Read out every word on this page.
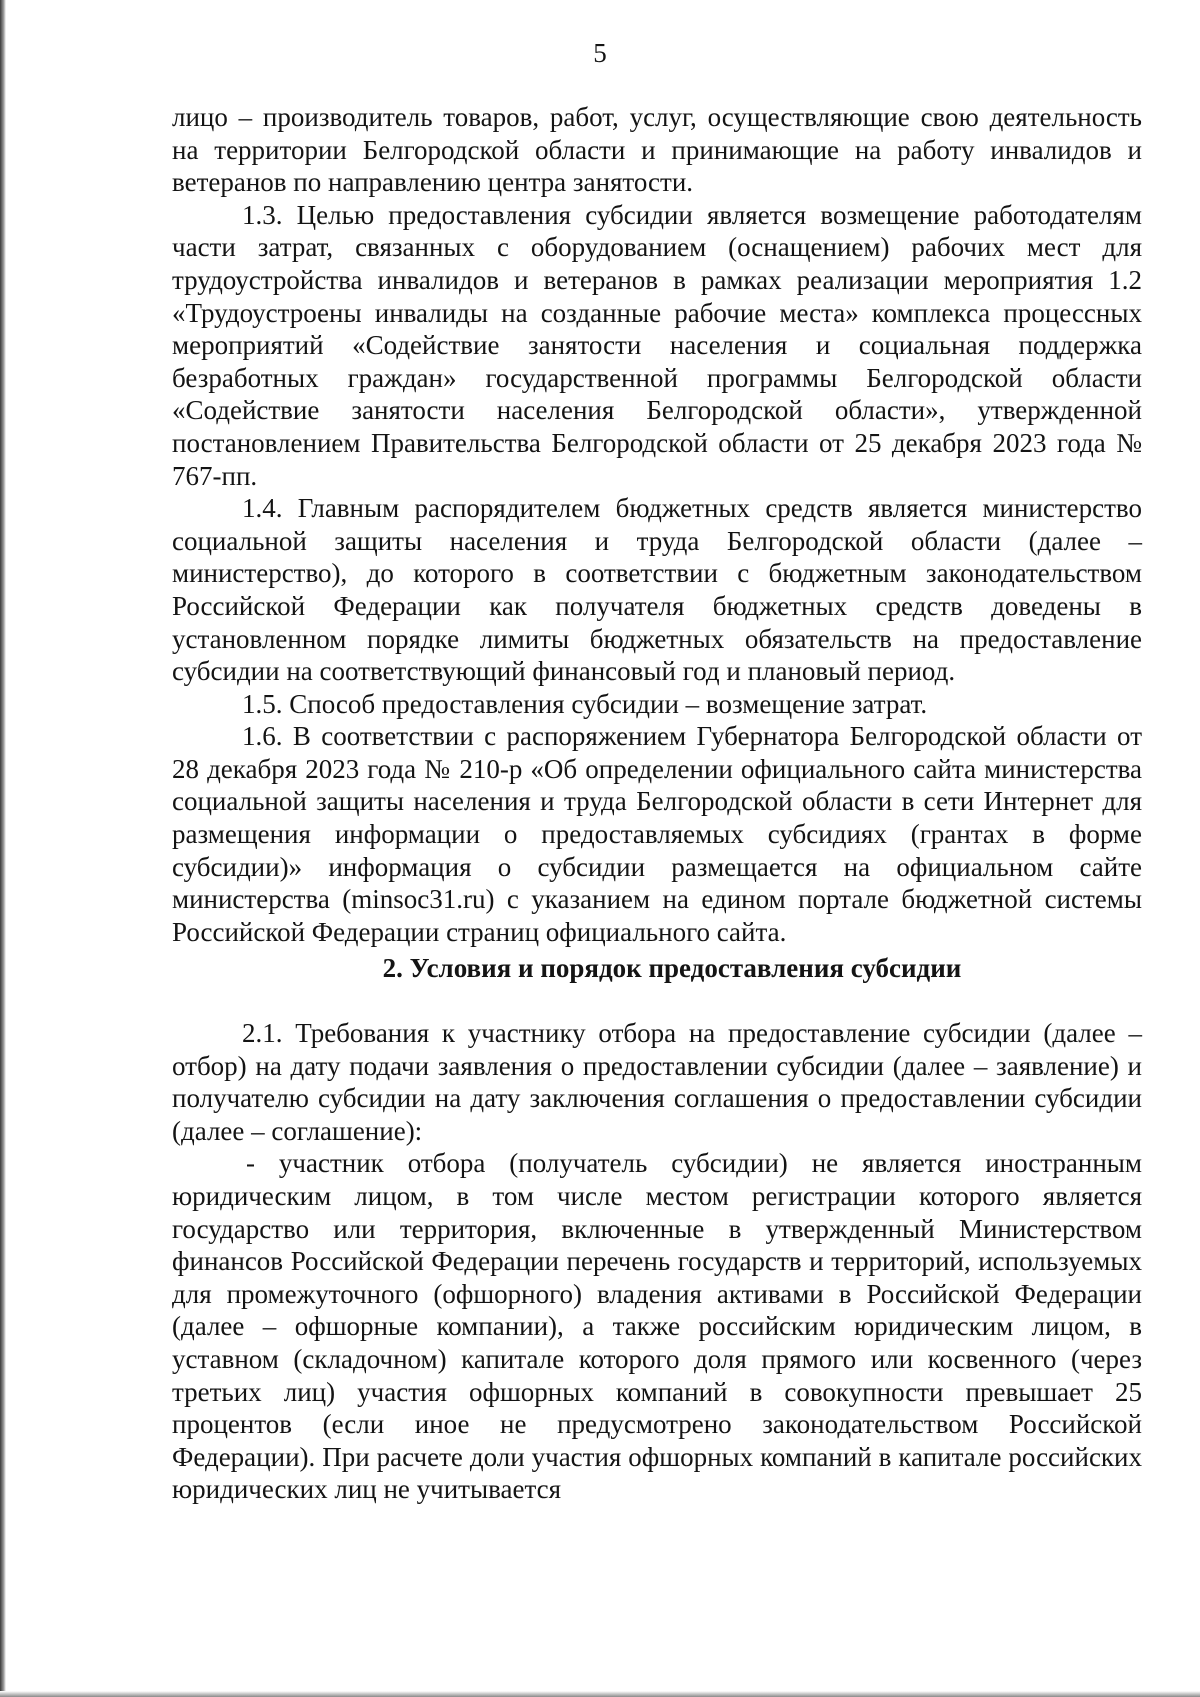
5

лицо – производитель товаров, работ, услуг, осуществляющие свою деятельность на территории Белгородской области и принимающие на работу инвалидов и ветеранов по направлению центра занятости.

1.3. Целью предоставления субсидии является возмещение работодателям части затрат, связанных с оборудованием (оснащением) рабочих мест для трудоустройства инвалидов и ветеранов в рамках реализации мероприятия 1.2 «Трудоустроены инвалиды на созданные рабочие места» комплекса процессных мероприятий «Содействие занятости населения и социальная поддержка безработных граждан» государственной программы Белгородской области «Содействие занятости населения Белгородской области», утвержденной постановлением Правительства Белгородской области от 25 декабря 2023 года № 767-пп.

1.4. Главным распорядителем бюджетных средств является министерство социальной защиты населения и труда Белгородской области (далее – министерство), до которого в соответствии с бюджетным законодательством Российской Федерации как получателя бюджетных средств доведены в установленном порядке лимиты бюджетных обязательств на предоставление субсидии на соответствующий финансовый год и плановый период.

1.5. Способ предоставления субсидии – возмещение затрат.

1.6. В соответствии с распоряжением Губернатора Белгородской области от 28 декабря 2023 года № 210-р «Об определении официального сайта министерства социальной защиты населения и труда Белгородской области в сети Интернет для размещения информации о предоставляемых субсидиях (грантах в форме субсидии)» информация о субсидии размещается на официальном сайте министерства (minsoc31.ru) с указанием на едином портале бюджетной системы Российской Федерации страниц официального сайта.

2. Условия и порядок предоставления субсидии

2.1. Требования к участнику отбора на предоставление субсидии (далее – отбор) на дату подачи заявления о предоставлении субсидии (далее – заявление) и получателю субсидии на дату заключения соглашения о предоставлении субсидии (далее – соглашение):

- участник отбора (получатель субсидии) не является иностранным юридическим лицом, в том числе местом регистрации которого является государство или территория, включенные в утвержденный Министерством финансов Российской Федерации перечень государств и территорий, используемых для промежуточного (офшорного) владения активами в Российской Федерации (далее – офшорные компании), а также российским юридическим лицом, в уставном (складочном) капитале которого доля прямого или косвенного (через третьих лиц) участия офшорных компаний в совокупности превышает 25 процентов (если иное не предусмотрено законодательством Российской Федерации). При расчете доли участия офшорных компаний в капитале российских юридических лиц не учитывается
